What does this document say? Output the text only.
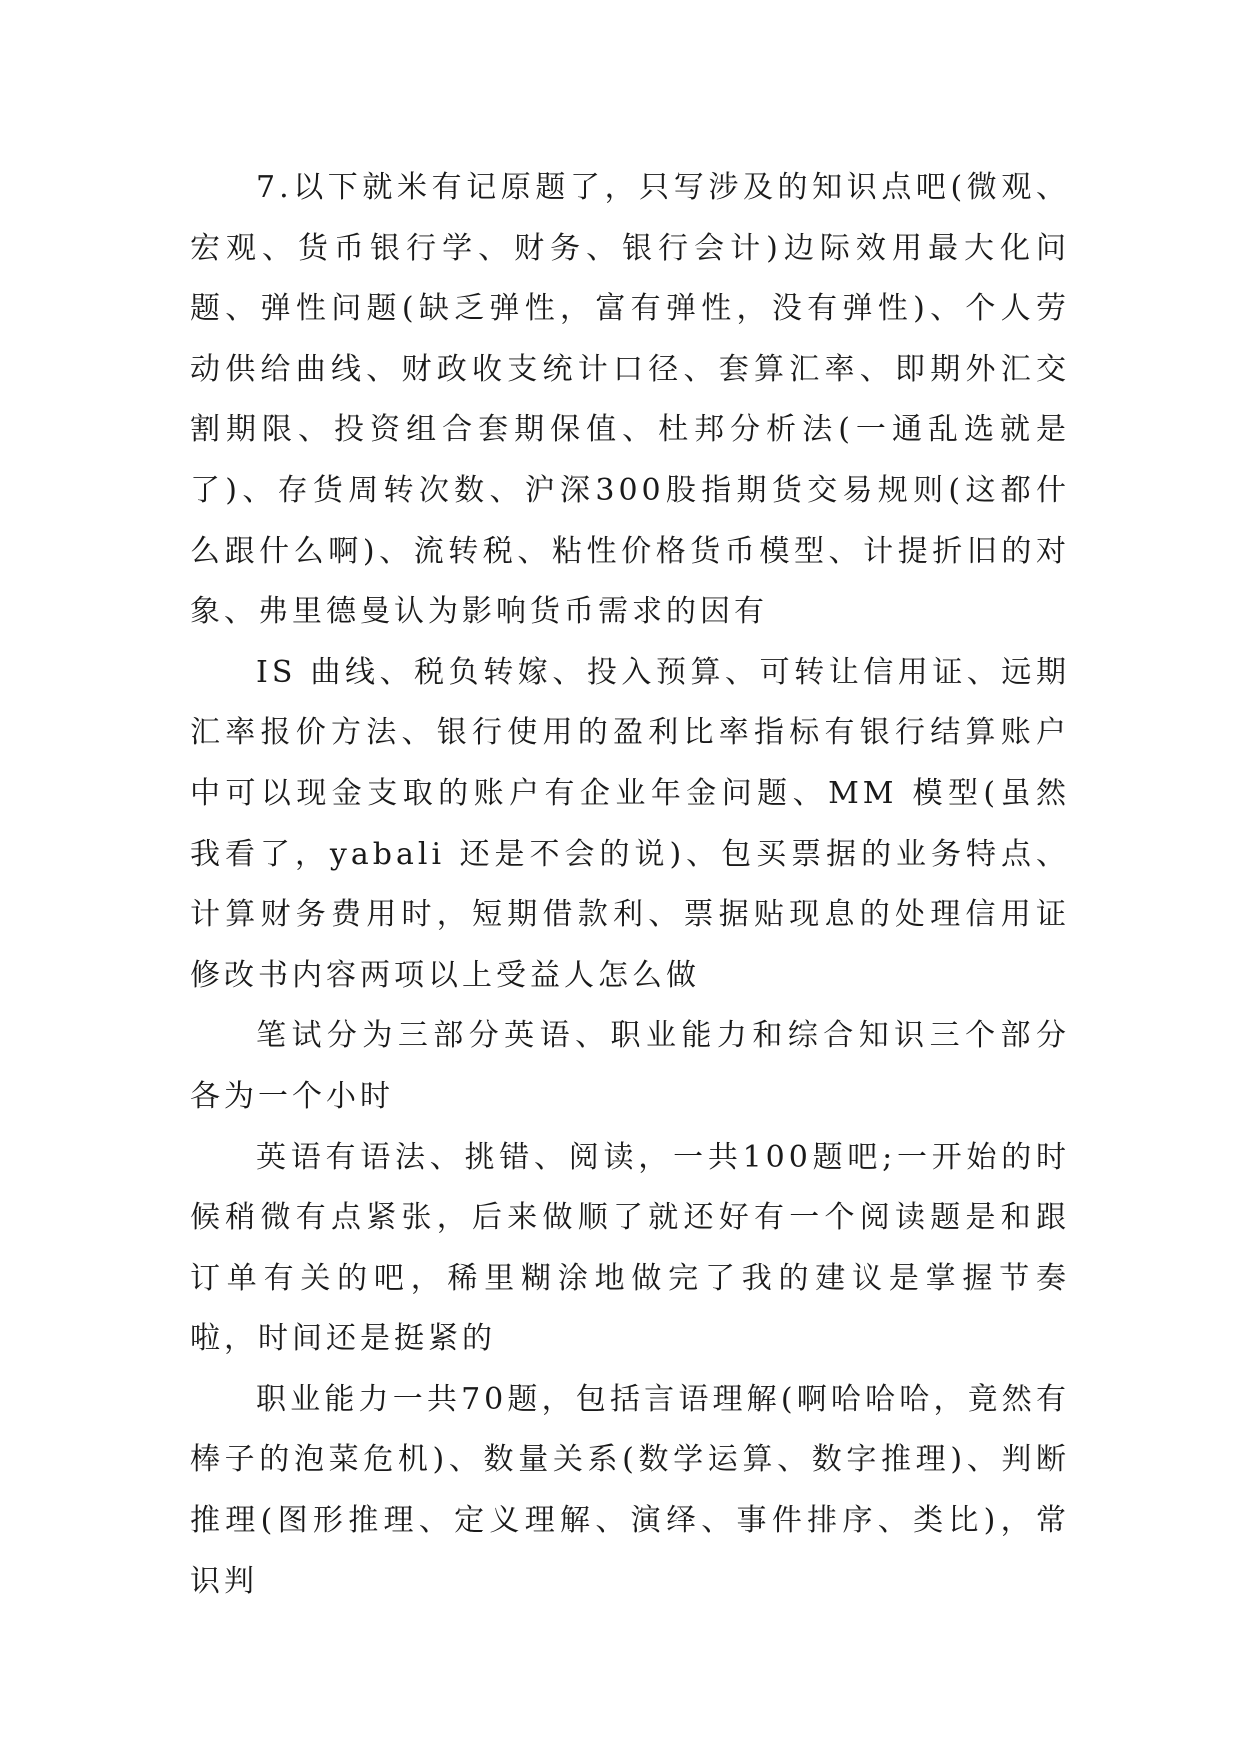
7.以下就米有记原题了，只写涉及的知识点吧(微观、宏观、货币银行学、财务、银行会计)边际效用最大化问题、弹性问题(缺乏弹性，富有弹性，没有弹性)、个人劳动供给曲线、财政收支统计口径、套算汇率、即期外汇交割期限、投资组合套期保值、杜邦分析法(一通乱选就是了)、存货周转次数、沪深300股指期货交易规则(这都什么跟什么啊)、流转税、粘性价格货币模型、计提折旧的对象、弗里德曼认为影响货币需求的因有

IS 曲线、税负转嫁、投入预算、可转让信用证、远期汇率报价方法、银行使用的盈利比率指标有银行结算账户中可以现金支取的账户有企业年金问题、MM 模型(虽然我看了，yabali 还是不会的说)、包买票据的业务特点、计算财务费用时，短期借款利、票据贴现息的处理信用证修改书内容两项以上受益人怎么做

笔试分为三部分英语、职业能力和综合知识三个部分各为一个小时

英语有语法、挑错、阅读，一共100题吧;一开始的时候稍微有点紧张，后来做顺了就还好有一个阅读题是和跟订单有关的吧，稀里糊涂地做完了我的建议是掌握节奏啦，时间还是挺紧的

职业能力一共70题，包括言语理解(啊哈哈哈，竟然有棒子的泡菜危机)、数量关系(数学运算、数字推理)、判断推理(图形推理、定义理解、演绎、事件排序、类比)，常识判
